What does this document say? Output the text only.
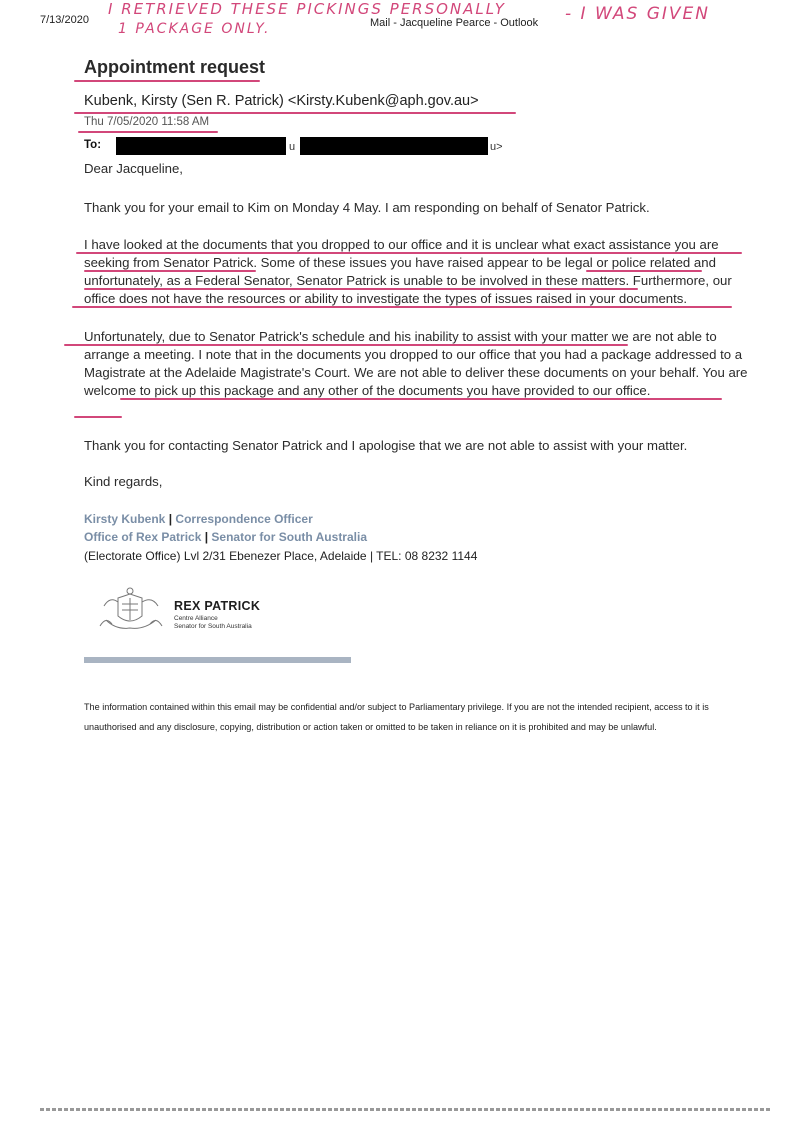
7/13/2020	Mail - Jacqueline Pearce - Outlook
I RETRIEVED THESE PICKINGS PERSONALLY	- I WAS GIVEN
1 PACKAGE ONLY.
Appointment request
Kubenk, Kirsty (Sen R. Patrick) <Kirsty.Kubenk@aph.gov.au>
Thu 7/05/2020 11:58 AM
To:	u	u>
Dear Jacqueline,
Thank you for your email to Kim on Monday 4 May. I am responding on behalf of Senator Patrick.
I have looked at the documents that you dropped to our office and it is unclear what exact assistance you are seeking from Senator Patrick. Some of these issues you have raised appear to be legal or police related and unfortunately, as a Federal Senator, Senator Patrick is unable to be involved in these matters. Furthermore, our office does not have the resources or ability to investigate the types of issues raised in your documents.
Unfortunately, due to Senator Patrick's schedule and his inability to assist with your matter we are not able to arrange a meeting. I note that in the documents you dropped to our office that you had a package addressed to a Magistrate at the Adelaide Magistrate's Court. We are not able to deliver these documents on your behalf. You are welcome to pick up this package and any other of the documents you have provided to our office.
Thank you for contacting Senator Patrick and I apologise that we are not able to assist with your matter.
Kind regards,
Kirsty Kubenk | Correspondence Officer
Office of Rex Patrick | Senator for South Australia
(Electorate Office) Lvl 2/31 Ebenezer Place, Adelaide | TEL: 08 8232 1144
REX PATRICK
Centre Alliance
Senator for South Australia
The information contained within this email may be confidential and/or subject to Parliamentary privilege. If you are not the intended recipient, access to it is unauthorised and any disclosure, copying, distribution or action taken or omitted to be taken in reliance on it is prohibited and may be unlawful.
